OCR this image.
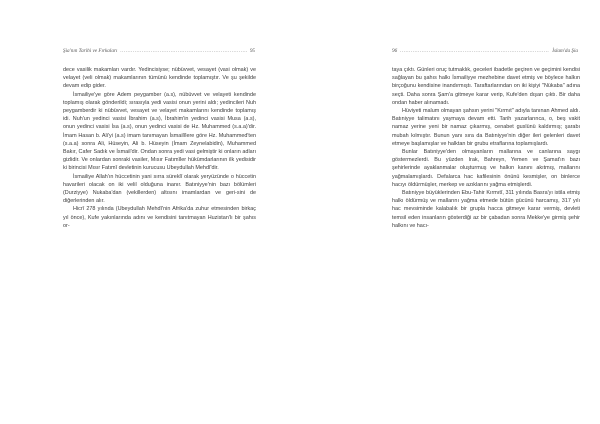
Şia'nın Tarihi ve Fırkaları .....	95

dece vasilik makamları vardır. Yedincisiyse; nübüvvet, vesayet (vasi olmak) ve velayet (veli olmak) makamlarının tümünü kendinde toplamıştır. Ve şu şekilde devam edip gider.

İsmailiye'ye göre Adem peygamber (a.s), nübüvvet ve velayeti kendinde toplamış olarak gönderildi; sırasıyla yedi vasisi onun yerini aldı; yedincileri Nuh peygamberdir ki nübüvvet, vesayet ve velayet makamlarını kendinde toplamış idi. Nuh'un yedinci vasisi İbrahim (a.s), İbrahim'in yedinci vasisi Musa (a.s), onun yedinci vasisi İsa (a.s), onun yedinci vasisi de Hz. Muhammed (s.a.a)'dir. İmam Hasan b. Ali'yi (a.s) imam tanımayan İsmailîlere göre Hz. Muhammed'ten (s.a.a) sonra Ali, Hüseyin, Ali b. Hüseyin (İmam Zeynelabidin), Muhammed Bakır, Cafer Sadık ve İsmail'dir. Ondan sonra yedi vasi gelmiştir ki onların adları gizlidir. Ve onlardan sonraki vasiler, Mısır Fatımîler hükümdarlarının ilk yedisidir ki birincisi Mısır Fatımî devletinin kurucusu Ubeydullah Mehdî'dir.

İsmailiye Allah'ın hüccetinin yani sırra süreklî olarak yeryüzünde o hüccetin havarileri olacak on iki velil olduğuna inanır. Batıniyye'nin bazı bölümleri (Durziyye) Nukaba'dan (vekillerden) altısını imamlardan ve geri-sini de diğerlerinden alır.

Hicrî 278 yılında (Ubeydullah Mehdî'nin Afrika'da zuhur etmesinden birkaç yıl önce), Kufe yakınlarında adını ve kendisini tanıtmayan Huzistan'lı bir şahıs or-

96 .....	İslam'da Şia

taya çıktı. Günleri oruç tutmaklık, geceleri ibadetle geçiren ve geçimini kendisi sağlayan bu şahıs halkı İsmailiyye mezhebine davet etmiş ve böylece halkın birçoğunu kendisine inandırmıştı. Taraftarlarından on iki kişiyi "Nükaba" adına seçti. Daha sonra Şam'a gitmeye karar verip, Kufe'den dışarı çıktı. Bir daha ondan haber alınamadı.

Hüviyeti malum olmayan şahsın yerini "Kırmıt" adıyla tanınan Ahmed aldı. Batıniyye talimatını yaymaya devam etti. Tarih yazarlarınca, o, beş vakit namaz yerine yeni bir namaz çıkarmış, cenabet guslünü kaldırmış; şarabı mubah kılmıştır. Bunun yanı sıra da Batıniyye'nin diğer ileri gelenleri davet etmeye başlamışlar ve halktan bir grubu etraflarına toplamışlardı.

Bunlar Batıniyye'den olmayanların mallarına ve canlarına saygı göstermezlerdi. Bu yüzden Irak, Bahreyn, Yemen ve Şamat'ın bazı şehirlerinde ayaklanmalar oluşturmuş ve halkın kanını akıtmış, mallarını yağmalamışlardı. Defalarca hac kafilesinin önünü kesmişler, on binlerce hacıyı öldürmüşler, merkep ve azıklarını yağma etmişlerdi.

Batıniyye büyüklerinden Ebu-Tahir Kırmıtî, 311 yılında Basra'yı istila etmiş halkı öldürmüş ve mallarını yağma etmede bütün gücünü harcamış, 317 yılı hac mevsiminde kalabalık bir grupla hacca gitmeye karar vermiş, devleti temsil eden insanların gösterdiği az bir çabadan sonra Mekke'ye girmiş şehir halkını ve hacı-
